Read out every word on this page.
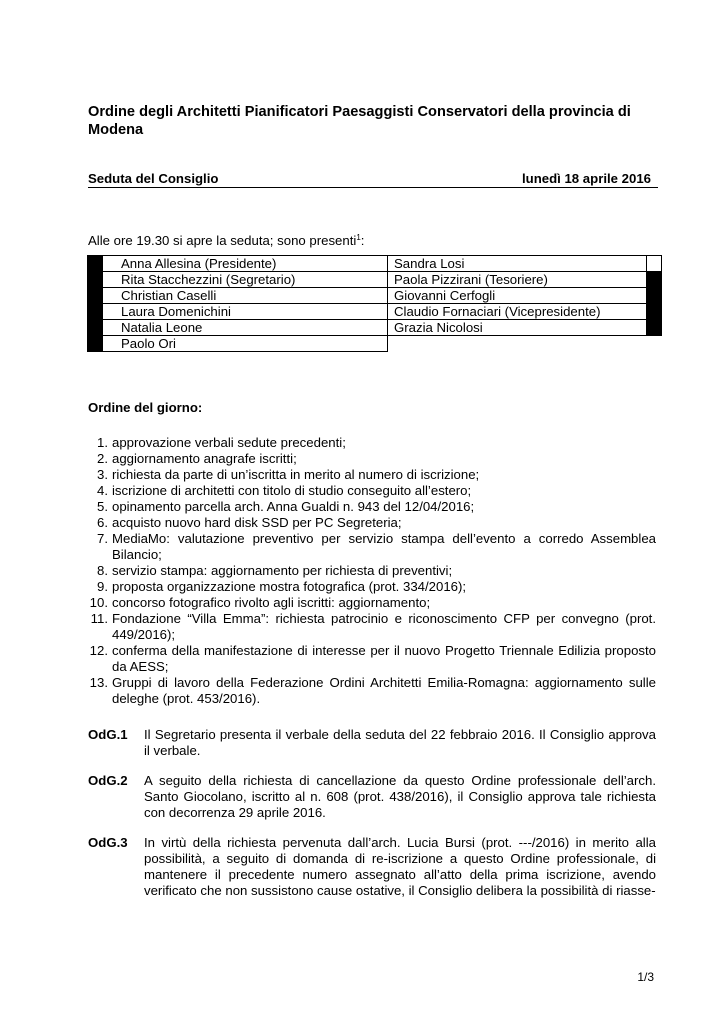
Ordine degli Architetti Pianificatori Paesaggisti Conservatori della provincia di Modena
Seduta del Consiglio	lunedì 18 aprile 2016
Alle ore 19.30 si apre la seduta; sono presenti$^1$:
	Anna Allesina (Presidente)	Sandra Losi	
	Rita Stacchezzini (Segretario)	Paola Pizzirani (Tesoriere)	
	Christian Caselli	Giovanni Cerfogli	
	Laura Domenichini	Claudio Fornaciari (Vicepresidente)	
	Natalia Leone	Grazia Nicolosi	
	Paolo Ori		
Ordine del giorno:
1. approvazione verbali sedute precedenti;
2. aggiornamento anagrafe iscritti;
3. richiesta da parte di un’iscritta in merito al numero di iscrizione;
4. iscrizione di architetti con titolo di studio conseguito all’estero;
5. opinamento parcella arch. Anna Gualdi n. 943 del 12/04/2016;
6. acquisto nuovo hard disk SSD per PC Segreteria;
7. MediaMo: valutazione preventivo per servizio stampa dell’evento a corredo Assemblea Bilancio;
8. servizio stampa: aggiornamento per richiesta di preventivi;
9. proposta organizzazione mostra fotografica (prot. 334/2016);
10. concorso fotografico rivolto agli iscritti: aggiornamento;
11. Fondazione “Villa Emma”: richiesta patrocinio e riconoscimento CFP per convegno (prot. 449/2016);
12. conferma della manifestazione di interesse per il nuovo Progetto Triennale Edilizia proposto da AESS;
13. Gruppi di lavoro della Federazione Ordini Architetti Emilia-Romagna: aggiornamento sulle deleghe (prot. 453/2016).
OdG.1 Il Segretario presenta il verbale della seduta del 22 febbraio 2016. Il Consiglio approva il verbale.
OdG.2 A seguito della richiesta di cancellazione da questo Ordine professionale dell’arch. Santo Giocolano, iscritto al n. 608 (prot. 438/2016), il Consiglio approva tale richiesta con decorrenza 29 aprile 2016.
OdG.3 In virtù della richiesta pervenuta dall’arch. Lucia Bursi (prot. ---/2016) in merito alla possibilità, a seguito di domanda di re-iscrizione a questo Ordine professionale, di mantenere il precedente numero assegnato all’atto della prima iscrizione, avendo verificato che non sussistono cause ostative, il Consiglio delibera la possibilità di riasse-
1/3
